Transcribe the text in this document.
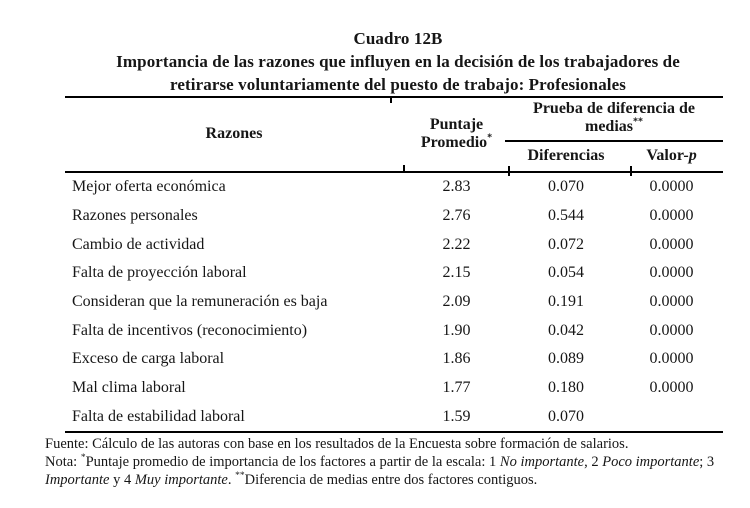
Cuadro 12B
Importancia de las razones que influyen en la decisión de los trabajadores de
retirarse voluntariamente del puesto de trabajo: Profesionales
Razones
Puntaje
Promedio*
Prueba de diferencia de
medias**
Diferencias	Valor-p
Mejor oferta económica	2.83	0.070	0.0000
Razones personales	2.76	0.544	0.0000
Cambio de actividad	2.22	0.072	0.0000
Falta de proyección laboral	2.15	0.054	0.0000
Consideran que la remuneración es baja	2.09	0.191	0.0000
Falta de incentivos (reconocimiento)	1.90	0.042	0.0000
Exceso de carga laboral	1.86	0.089	0.0000
Mal clima laboral	1.77	0.180	0.0000
Falta de estabilidad laboral	1.59	0.070
Fuente: Cálculo de las autoras con base en los resultados de la Encuesta sobre formación de salarios.
Nota: *Puntaje promedio de importancia de los factores a partir de la escala: 1 No importante, 2 Poco importante; 3 Importante y 4 Muy importante. **Diferencia de medias entre dos factores contiguos.
